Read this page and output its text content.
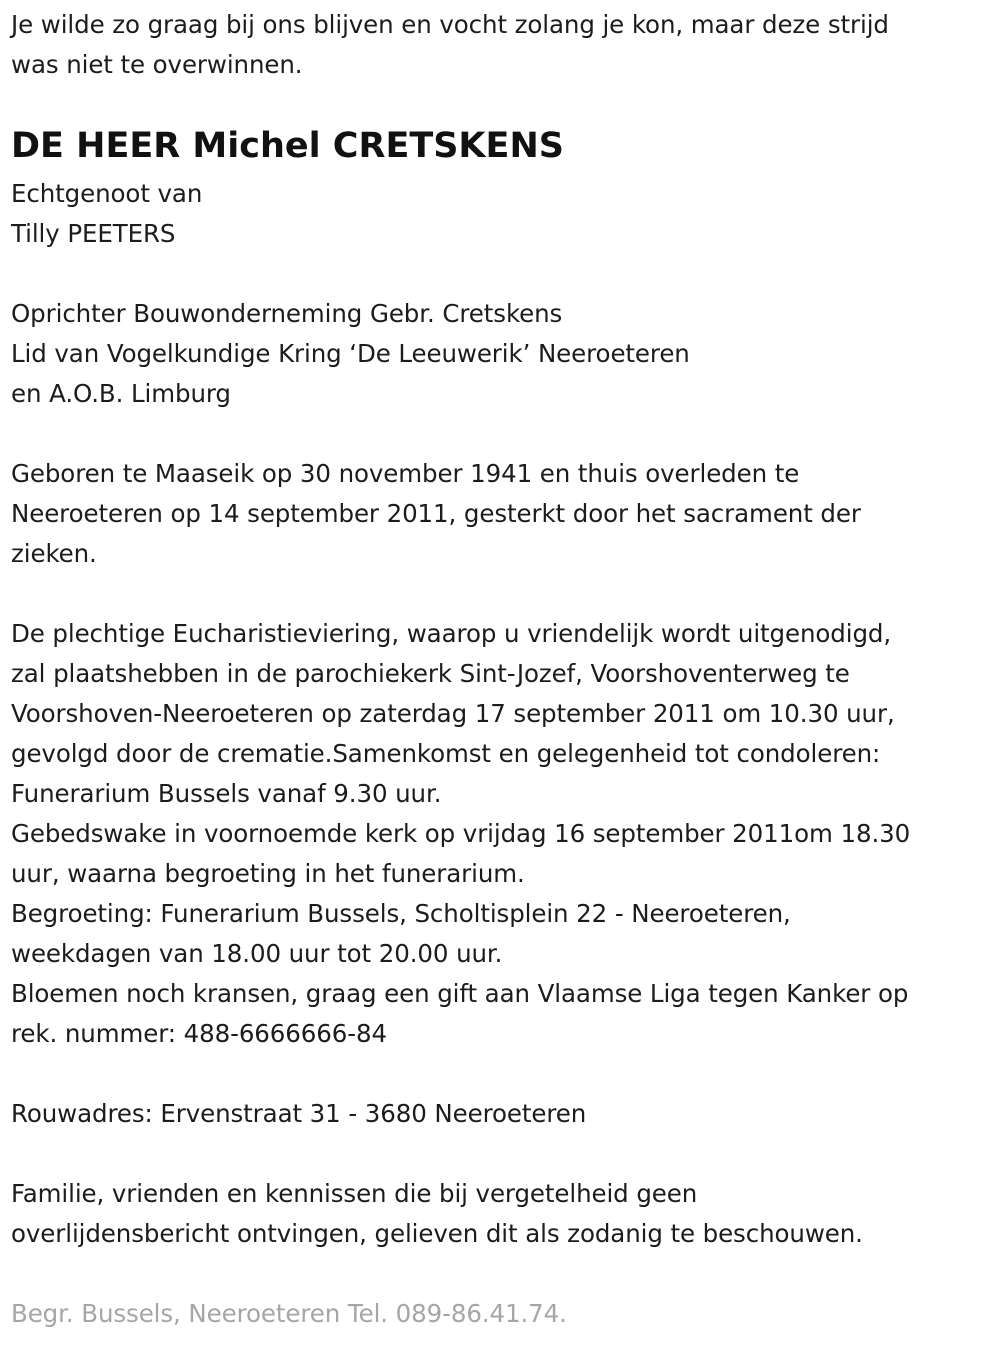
Je wilde zo graag bij ons blijven en vocht zolang je kon, maar deze strijd
was niet te overwinnen.
DE HEER Michel CRETSKENS
Echtgenoot van
Tilly PEETERS
Oprichter Bouwonderneming Gebr. Cretskens
Lid van Vogelkundige Kring ‘De Leeuwerik’ Neeroeteren
en A.O.B. Limburg
Geboren te Maaseik op 30 november 1941 en thuis overleden te
Neeroeteren op 14 september 2011, gesterkt door het sacrament der
zieken.
De plechtige Eucharistieviering, waarop u vriendelijk wordt uitgenodigd,
zal plaatshebben in de parochiekerk Sint-Jozef, Voorshoventerweg te
Voorshoven-Neeroeteren op zaterdag 17 september 2011 om 10.30 uur,
gevolgd door de crematie.Samenkomst en gelegenheid tot condoleren:
Funerarium Bussels vanaf 9.30 uur.
Gebedswake in voornoemde kerk op vrijdag 16 september 2011om 18.30
uur, waarna begroeting in het funerarium.
Begroeting: Funerarium Bussels, Scholtisplein 22 - Neeroeteren,
weekdagen van 18.00 uur tot 20.00 uur.
Bloemen noch kransen, graag een gift aan Vlaamse Liga tegen Kanker op
rek. nummer: 488-6666666-84
Rouwadres: Ervenstraat 31 - 3680 Neeroeteren
Familie, vrienden en kennissen die bij vergetelheid geen
overlijdensbericht ontvingen, gelieven dit als zodanig te beschouwen.
Begr. Bussels, Neeroeteren Tel. 089-86.41.74.
